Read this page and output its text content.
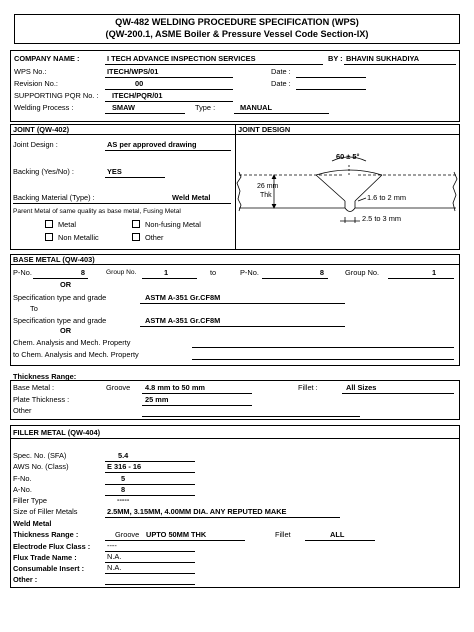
QW-482 WELDING PROCEDURE SPECIFICATION (WPS)
(QW-200.1, ASME Boiler & Pressure Vessel Code Section-IX)
COMPANY NAME :	I TECH ADVANCE INSPECTION SERVICES	BY : BHAVIN SUKHADIYA
WPS No.:	ITECH/WPS/01	Date :
Revision No.:	00	Date :
SUPPORTING PQR No. : ITECH/PQR/01
Welding Process :	SMAW	Type :	MANUAL
JOINT (QW-402)	JOINT DESIGN
Joint Design :	AS per approved drawing
Backing (Yes/No) :	YES
Backing Material (Type) :	Weld Metal
Parent Metal of same quality as base metal, Fusing Metal
Metal	Non-fusing Metal
Non Metallic	Other
60 ± 5°
26 mm
Thk	1.6 to 2 mm
2.5 to 3 mm
BASE METAL (QW-403)
P-No.	8	Group No.	1	to	P-No.	8	Group No.	1
OR
Specification type and grade	ASTM A-351 Gr.CF8M
To
Specification type and grade	ASTM A-351 Gr.CF8M
OR
Chem. Analysis and Mech. Property
to Chem. Analysis and Mech. Property
Thickness Range:
Base Metal :	Groove 4.8 mm to 50 mm	Fillet :	All Sizes
Plate Thickness :	25 mm
Other
FILLER METAL (QW-404)
Spec. No. (SFA)	5.4
AWS No. (Class)	E 316 - 16
F-No.	5
A-No.	8
Filler Type	-----
Size of Filler Metals	2.5MM, 3.15MM, 4.00MM DIA. ANY REPUTED MAKE
Weld Metal
Thickness Range :	Groove UPTO 50MM THK	Fillet	ALL
Electrode Flux Class : ----
Flux Trade Name :	N.A.
Consumable Insert :	N.A.
Other :
